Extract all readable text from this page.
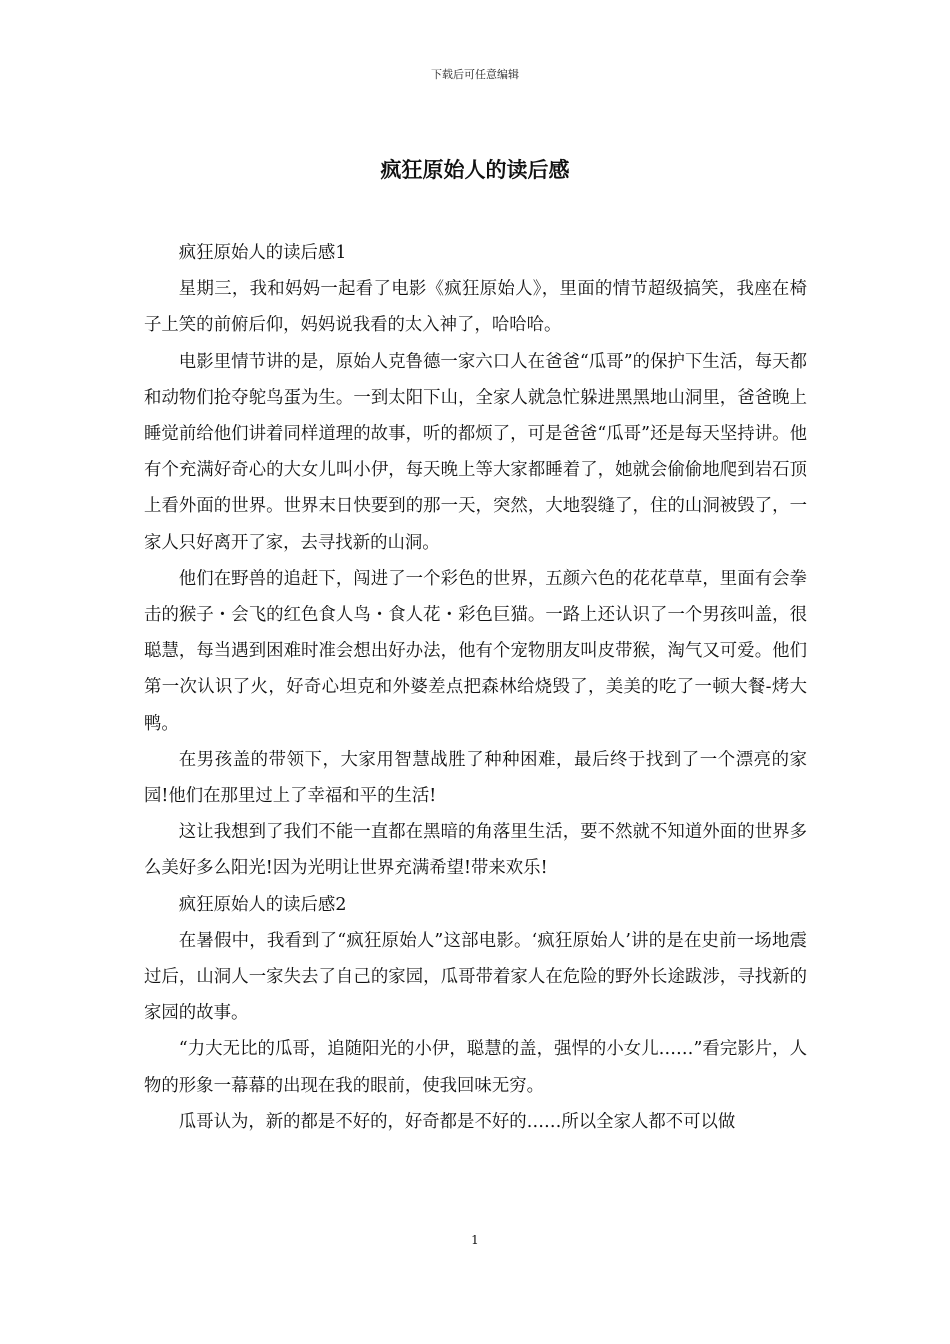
下载后可任意编辑
疯狂原始人的读后感

疯狂原始人的读后感1

星期三，我和妈妈一起看了电影《疯狂原始人》，里面的情节超级搞笑，我座在椅子上笑的前俯后仰，妈妈说我看的太入神了，哈哈哈。

电影里情节讲的是，原始人克鲁德一家六口人在爸爸“瓜哥”的保护下生活，每天都和动物们抢夺鸵鸟蛋为生。一到太阳下山，全家人就急忙躲进黑黑地山洞里，爸爸晚上睡觉前给他们讲着同样道理的故事，听的都烦了，可是爸爸“瓜哥”还是每天坚持讲。他有个充满好奇心的大女儿叫小伊，每天晚上等大家都睡着了，她就会偷偷地爬到岩石顶上看外面的世界。世界末日快要到的那一天，突然，大地裂缝了，住的山洞被毁了，一家人只好离开了家，去寻找新的山洞。

他们在野兽的追赶下，闯进了一个彩色的世界，五颜六色的花花草草，里面有会拳击的猴子・会飞的红色食人鸟・食人花・彩色巨猫。一路上还认识了一个男孩叫盖，很聪慧，每当遇到困难时准会想出好办法，他有个宠物朋友叫皮带猴，淘气又可爱。他们第一次认识了火，好奇心坦克和外婆差点把森林给烧毁了，美美的吃了一顿大餐-烤大鸭。

在男孩盖的带领下，大家用智慧战胜了种种困难，最后终于找到了一个漂亮的家园!他们在那里过上了幸福和平的生活!

这让我想到了我们不能一直都在黑暗的角落里生活，要不然就不知道外面的世界多么美好多么阳光!因为光明让世界充满希望!带来欢乐!

疯狂原始人的读后感2

在暑假中，我看到了“疯狂原始人”这部电影。‘疯狂原始人’讲的是在史前一场地震过后，山洞人一家失去了自己的家园，瓜哥带着家人在危险的野外长途跋涉，寻找新的家园的故事。

“力大无比的瓜哥，追随阳光的小伊，聪慧的盖，强悍的小女儿……”看完影片，人物的形象一幕幕的出现在我的眼前，使我回味无穷。

瓜哥认为，新的都是不好的，好奇都是不好的……所以全家人都不可以做

1
